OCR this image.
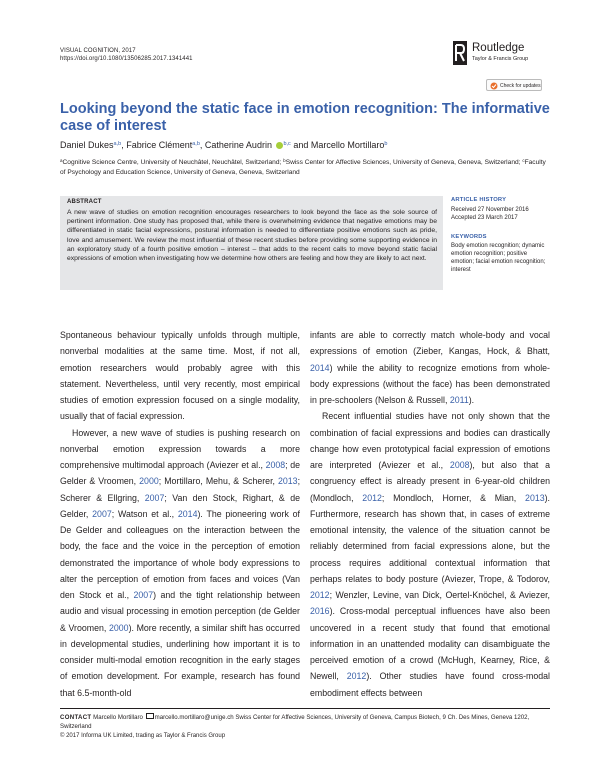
VISUAL COGNITION, 2017
https://doi.org/10.1080/13506285.2017.1341441
Routledge
Taylor & Francis Group
Check for updates
Looking beyond the static face in emotion recognition: The informative case of interest
Daniel Dukes$^{a,b}$, Fabrice Clément$^{a,b}$, Catherine Audrin $^{b,c}$ and Marcello Mortillaro$^b$
$^a$Cognitive Science Centre, University of Neuchâtel, Neuchâtel, Switzerland; $^b$Swiss Center for Affective Sciences, University of Geneva, Geneva, Switzerland; $^c$Faculty of Psychology and Education Science, University of Geneva, Geneva, Switzerland
ABSTRACT
A new wave of studies on emotion recognition encourages researchers to look beyond the face as the sole source of pertinent information. One study has proposed that, while there is overwhelming evidence that negative emotions may be differentiated in static facial expressions, postural information is needed to differentiate positive emotions such as pride, love and amusement. We review the most influential of these recent studies before providing some supporting evidence in an exploratory study of a fourth positive emotion – interest – that adds to the recent calls to move beyond static facial expressions of emotion when investigating how we determine how others are feeling and how they are likely to act next.
ARTICLE HISTORY
Received 27 November 2016
Accepted 23 March 2017
KEYWORDS
Body emotion recognition; dynamic emotion recognition; positive emotion; facial emotion recognition; interest

Spontaneous behaviour typically unfolds through multiple, nonverbal modalities at the same time. Most, if not all, emotion researchers would probably agree with this statement. Nevertheless, until very recently, most empirical studies of emotion expression focused on a single modality, usually that of facial expression.

However, a new wave of studies is pushing research on nonverbal emotion expression towards a more comprehensive multimodal approach (Aviezer et al., 2008; de Gelder & Vroomen, 2000; Mortillaro, Mehu, & Scherer, 2013; Scherer & Ellgring, 2007; Van den Stock, Righart, & de Gelder, 2007; Watson et al., 2014). The pioneering work of De Gelder and colleagues on the interaction between the body, the face and the voice in the perception of emotion demonstrated the importance of whole body expressions to alter the perception of emotion from faces and voices (Van den Stock et al., 2007) and the tight relationship between audio and visual processing in emotion perception (de Gelder & Vroomen, 2000). More recently, a similar shift has occurred in developmental studies, underlining how important it is to consider multi-modal emotion recognition in the early stages of emotion development. For example, research has found that 6.5-month-old

infants are able to correctly match whole-body and vocal expressions of emotion (Zieber, Kangas, Hock, & Bhatt, 2014) while the ability to recognize emotions from whole-body expressions (without the face) has been demonstrated in pre-schoolers (Nelson & Russell, 2011).

Recent influential studies have not only shown that the combination of facial expressions and bodies can drastically change how even prototypical facial expression of emotions are interpreted (Aviezer et al., 2008), but also that a congruency effect is already present in 6-year-old children (Mondloch, 2012; Mondloch, Horner, & Mian, 2013). Furthermore, research has shown that, in cases of extreme emotional intensity, the valence of the situation cannot be reliably determined from facial expressions alone, but the process requires additional contextual information that perhaps relates to body posture (Aviezer, Trope, & Todorov, 2012; Wenzler, Levine, van Dick, Oertel-Knöchel, & Aviezer, 2016). Cross-modal perceptual influences have also been uncovered in a recent study that found that emotional information in an unattended modality can disambiguate the perceived emotion of a crowd (McHugh, Kearney, Rice, & Newell, 2012). Other studies have found cross-modal embodiment effects between

CONTACT Marcello Mortillaro marcello.mortillaro@unige.ch Swiss Center for Affective Sciences, University of Geneva, Campus Biotech, 9 Ch. Des Mines, Geneva 1202, Switzerland
© 2017 Informa UK Limited, trading as Taylor & Francis Group
